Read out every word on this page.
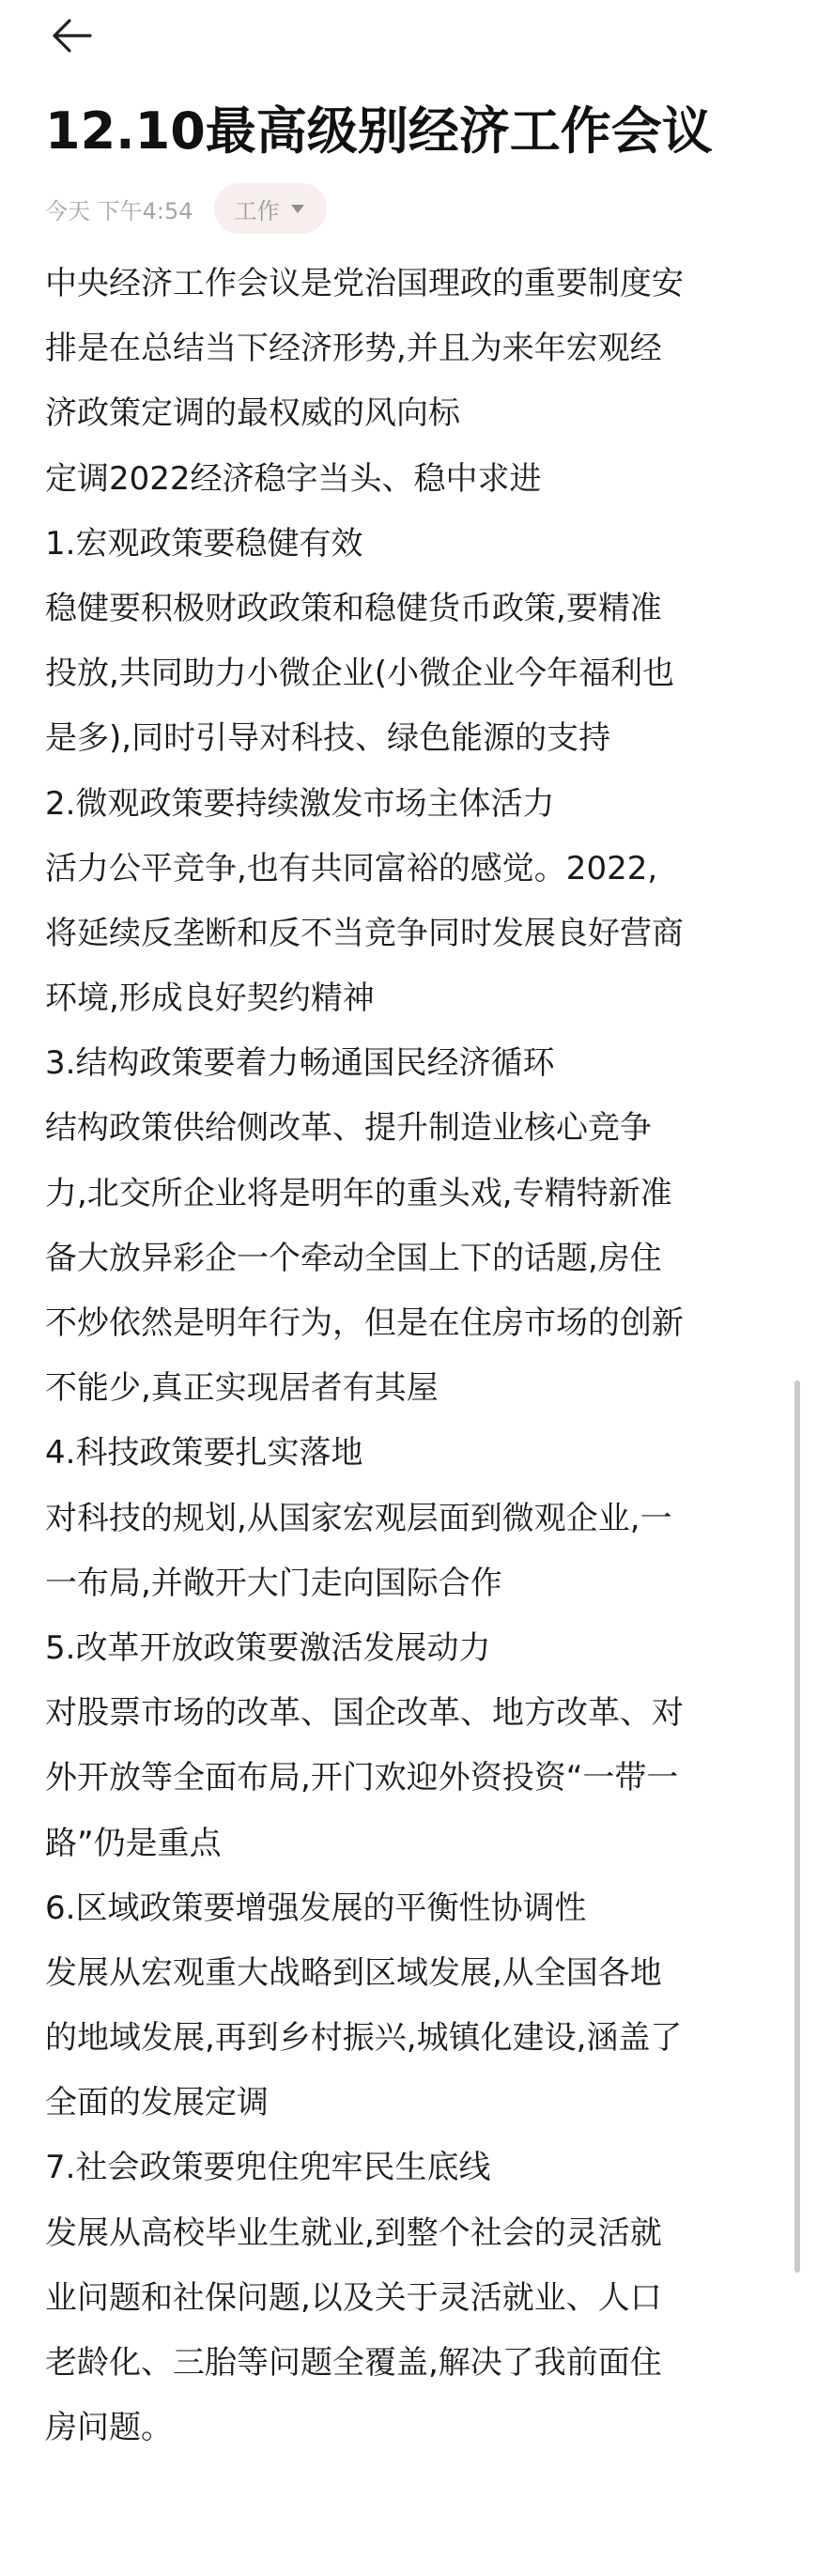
12.10最高级别经济工作会议
今天 下午4:54 工作
中央经济工作会议是党治国理政的重要制度安
排是在总结当下经济形势,并且为来年宏观经
济政策定调的最权威的风向标
定调2022经济稳字当头、稳中求进
1.宏观政策要稳健有效
稳健要积极财政政策和稳健货币政策,要精准
投放,共同助力小微企业(小微企业今年福利也
是多),同时引导对科技、绿色能源的支持
2.微观政策要持续激发市场主体活力
活力公平竞争,也有共同富裕的感觉。2022,
将延续反垄断和反不当竞争同时发展良好营商
环境,形成良好契约精神
3.结构政策要着力畅通国民经济循环
结构政策供给侧改革、提升制造业核心竞争
力,北交所企业将是明年的重头戏,专精特新准
备大放异彩企一个牵动全国上下的话题,房住
不炒依然是明年行为，但是在住房市场的创新
不能少,真正实现居者有其屋
4.科技政策要扎实落地
对科技的规划,从国家宏观层面到微观企业,一
一布局,并敞开大门走向国际合作
5.改革开放政策要激活发展动力
对股票市场的改革、国企改革、地方改革、对
外开放等全面布局,开门欢迎外资投资“一带一
路”仍是重点
6.区域政策要增强发展的平衡性协调性
发展从宏观重大战略到区域发展,从全国各地
的地域发展,再到乡村振兴,城镇化建设,涵盖了
全面的发展定调
7.社会政策要兜住兜牢民生底线
发展从高校毕业生就业,到整个社会的灵活就
业问题和社保问题,以及关于灵活就业、人口
老龄化、三胎等问题全覆盖,解决了我前面住
房问题。
